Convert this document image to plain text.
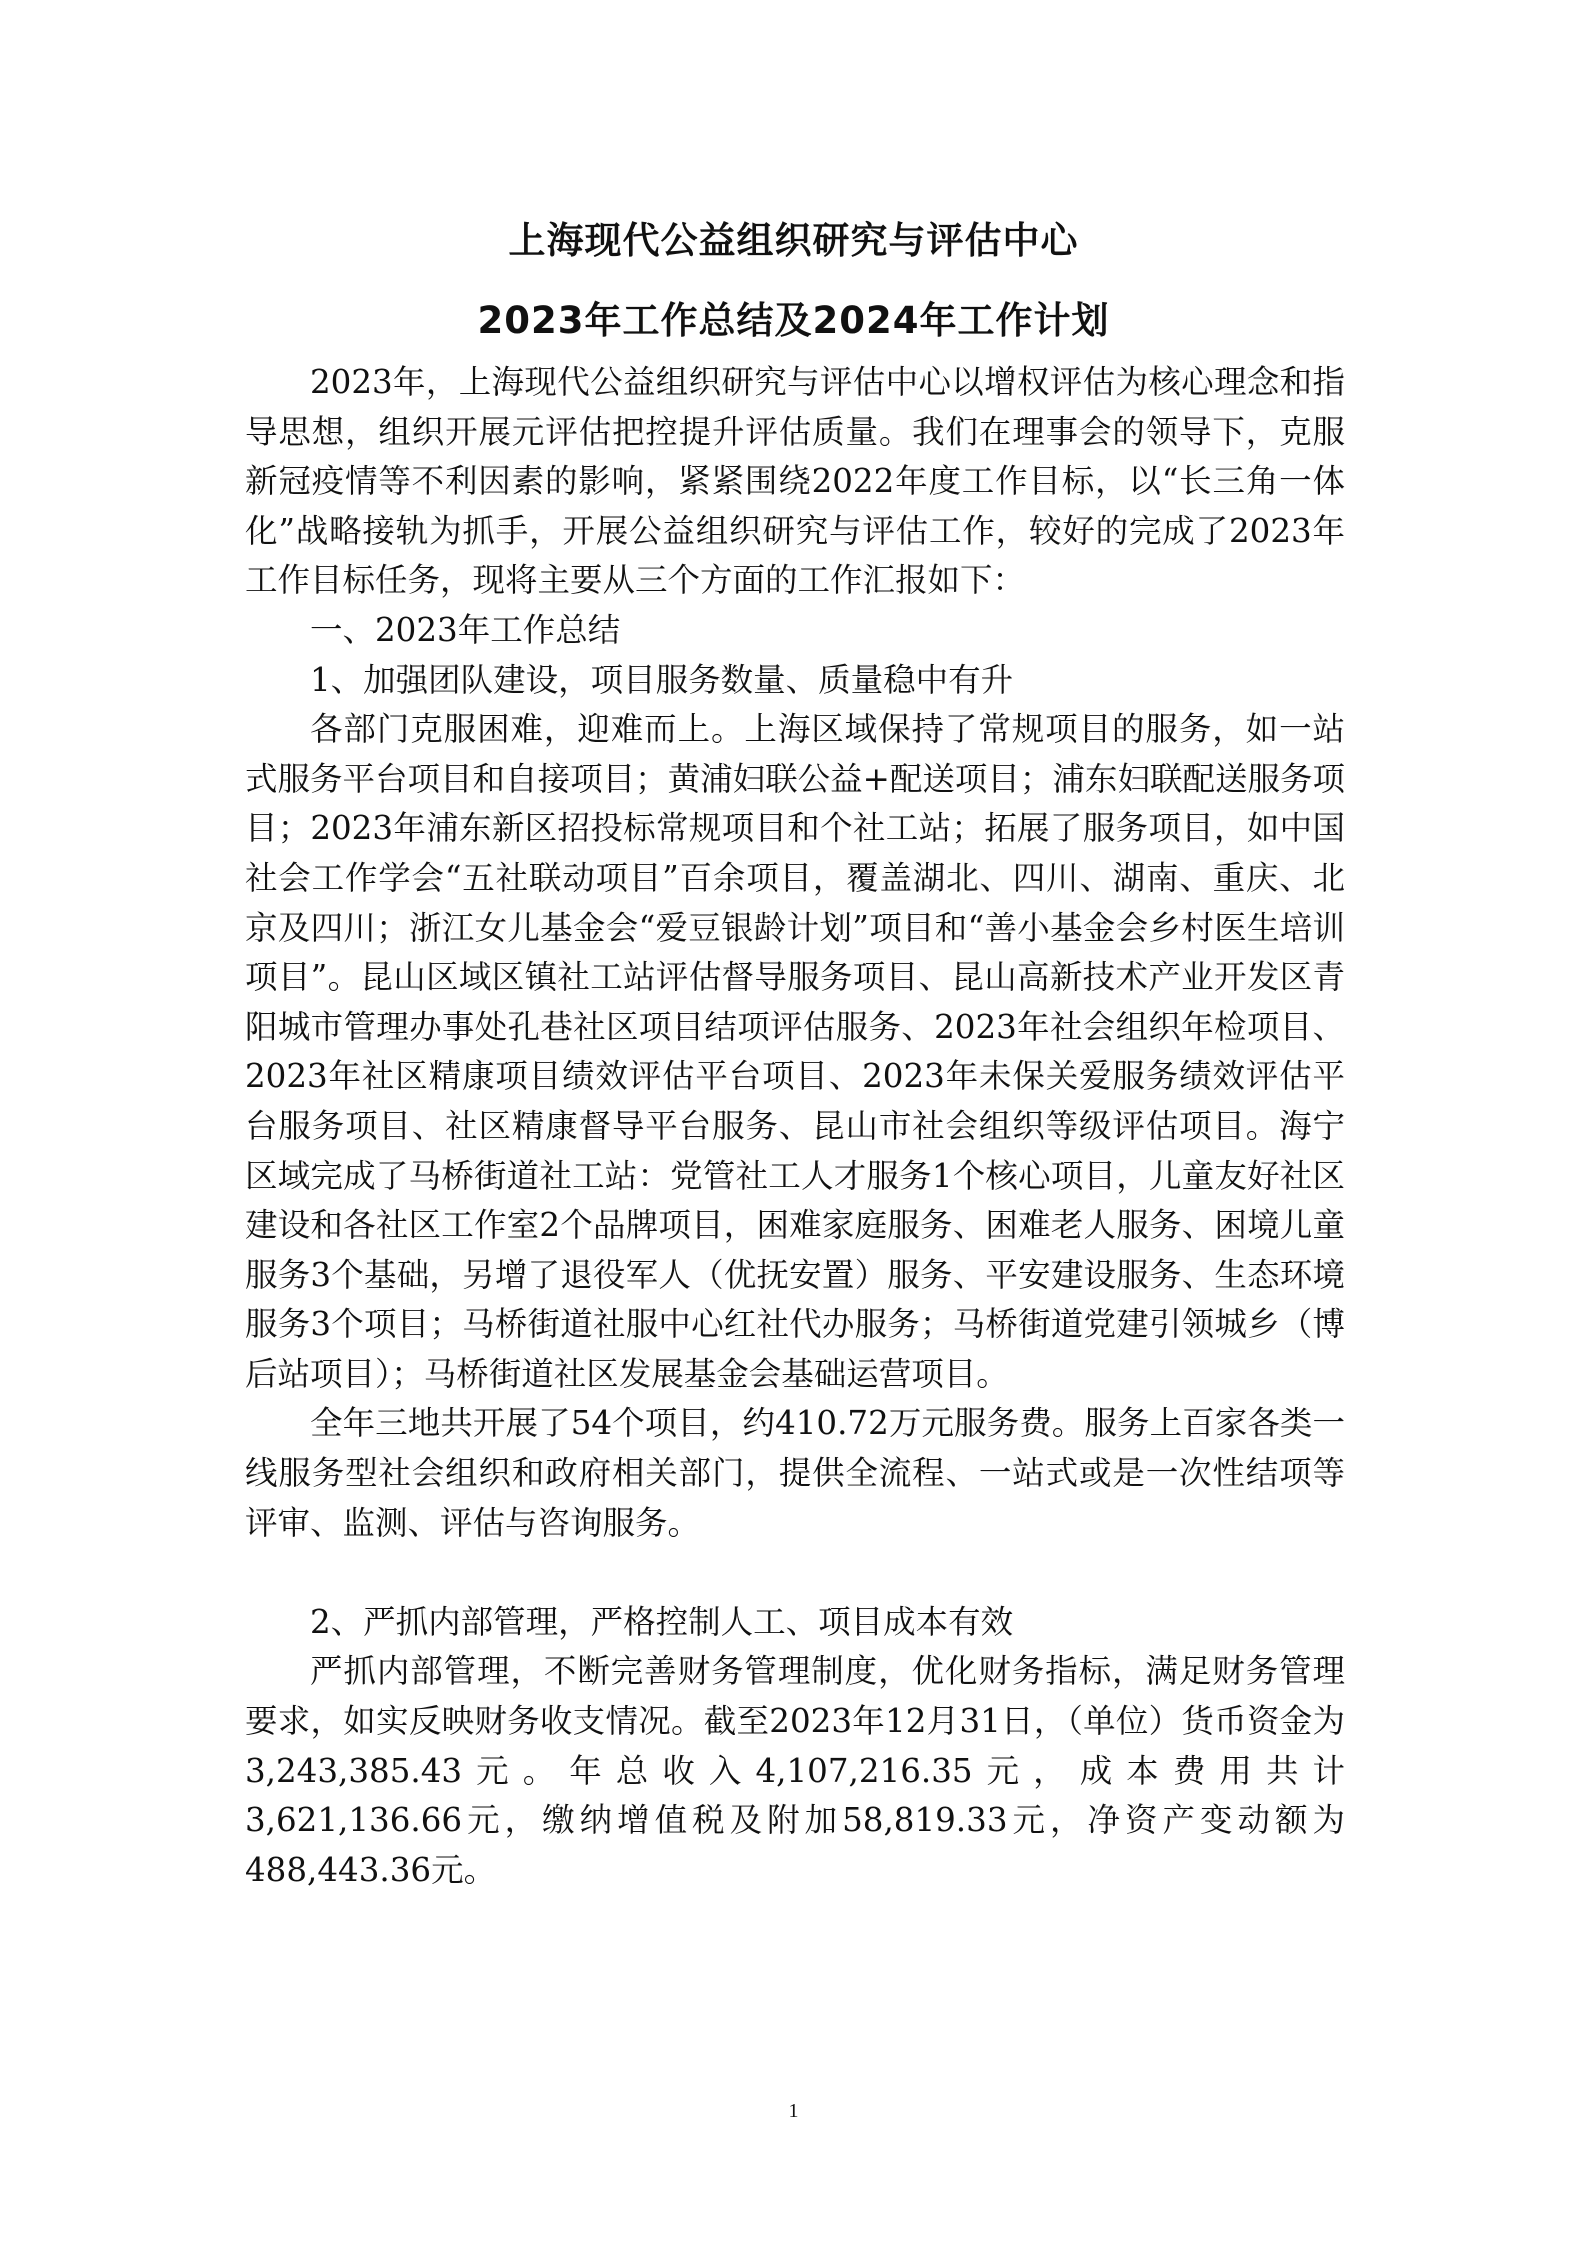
上海现代公益组织研究与评估中心
2023年工作总结及2024年工作计划

2023年，上海现代公益组织研究与评估中心以增权评估为核心理念和指导思想，组织开展元评估把控提升评估质量。我们在理事会的领导下，克服新冠疫情等不利因素的影响，紧紧围绕2022年度工作目标，以“长三角一体化”战略接轨为抓手，开展公益组织研究与评估工作，较好的完成了2023年工作目标任务，现将主要从三个方面的工作汇报如下：

一、2023年工作总结

1、加强团队建设，项目服务数量、质量稳中有升

各部门克服困难，迎难而上。上海区域保持了常规项目的服务，如一站式服务平台项目和自接项目；黄浦妇联公益+配送项目；浦东妇联配送服务项目；2023年浦东新区招投标常规项目和个社工站；拓展了服务项目，如中国社会工作学会“五社联动项目”百余项目，覆盖湖北、四川、湖南、重庆、北京及四川；浙江女儿基金会“爱豆银龄计划”项目和“善小基金会乡村医生培训项目”。昆山区域区镇社工站评估督导服务项目、昆山高新技术产业开发区青阳城市管理办事处孔巷社区项目结项评估服务、2023年社会组织年检项目、2023年社区精康项目绩效评估平台项目、2023年未保关爱服务绩效评估平台服务项目、社区精康督导平台服务、昆山市社会组织等级评估项目。海宁区域完成了马桥街道社工站：党管社工人才服务1个核心项目，儿童友好社区建设和各社区工作室2个品牌项目，困难家庭服务、困难老人服务、困境儿童服务3个基础，另增了退役军人（优抚安置）服务、平安建设服务、生态环境服务3个项目；马桥街道社服中心红社代办服务；马桥街道党建引领城乡（博后站项目）；马桥街道社区发展基金会基础运营项目。

全年三地共开展了54个项目，约410.72万元服务费。服务上百家各类一线服务型社会组织和政府相关部门，提供全流程、一站式或是一次性结项等评审、监测、评估与咨询服务。

2、严抓内部管理，严格控制人工、项目成本有效

严抓内部管理，不断完善财务管理制度，优化财务指标，满足财务管理要求，如实反映财务收支情况。截至2023年12月31日，（单位）货币资金为3,243,385.43元。年总收入4,107,216.35元，成本费用共计3,621,136.66元，缴纳增值税及附加58,819.33元，净资产变动额为488,443.36元。

1
